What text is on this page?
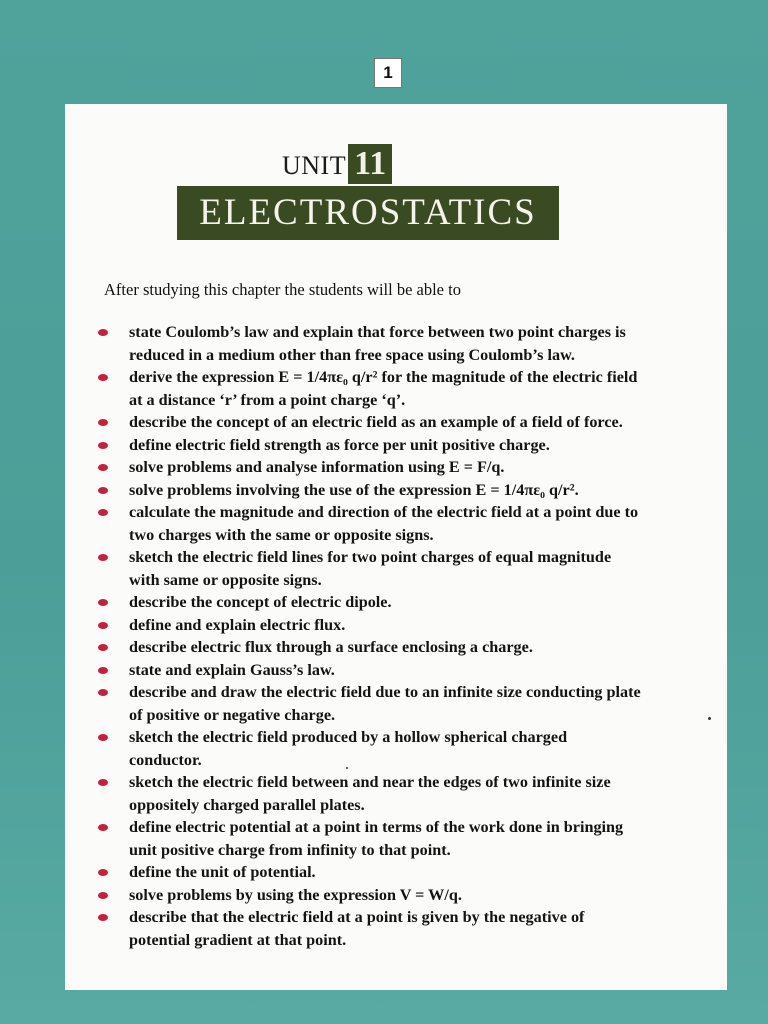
1
UNIT 11
ELECTROSTATICS
After studying this chapter the students will be able to
state Coulomb’s law and explain that force between two point charges is
reduced in a medium other than free space using Coulomb’s law.
derive the expression E = 1/4πε₀ q/r² for the magnitude of the electric field
at a distance ‘r’ from a point charge ‘q’.
describe the concept of an electric field as an example of a field of force.
define electric field strength as force per unit positive charge.
solve problems and analyse information using E = F/q.
solve problems involving the use of the expression E = 1/4πε₀ q/r².
calculate the magnitude and direction of the electric field at a point due to
two charges with the same or opposite signs.
sketch the electric field lines for two point charges of equal magnitude
with same or opposite signs.
describe the concept of electric dipole.
define and explain electric flux.
describe electric flux through a surface enclosing a charge.
state and explain Gauss’s law.
describe and draw the electric field due to an infinite size conducting plate
of positive or negative charge.
sketch the electric field produced by a hollow spherical charged
conductor.
sketch the electric field between and near the edges of two infinite size
oppositely charged parallel plates.
define electric potential at a point in terms of the work done in bringing
unit positive charge from infinity to that point.
define the unit of potential.
solve problems by using the expression V = W/q.
describe that the electric field at a point is given by the negative of
potential gradient at that point.
